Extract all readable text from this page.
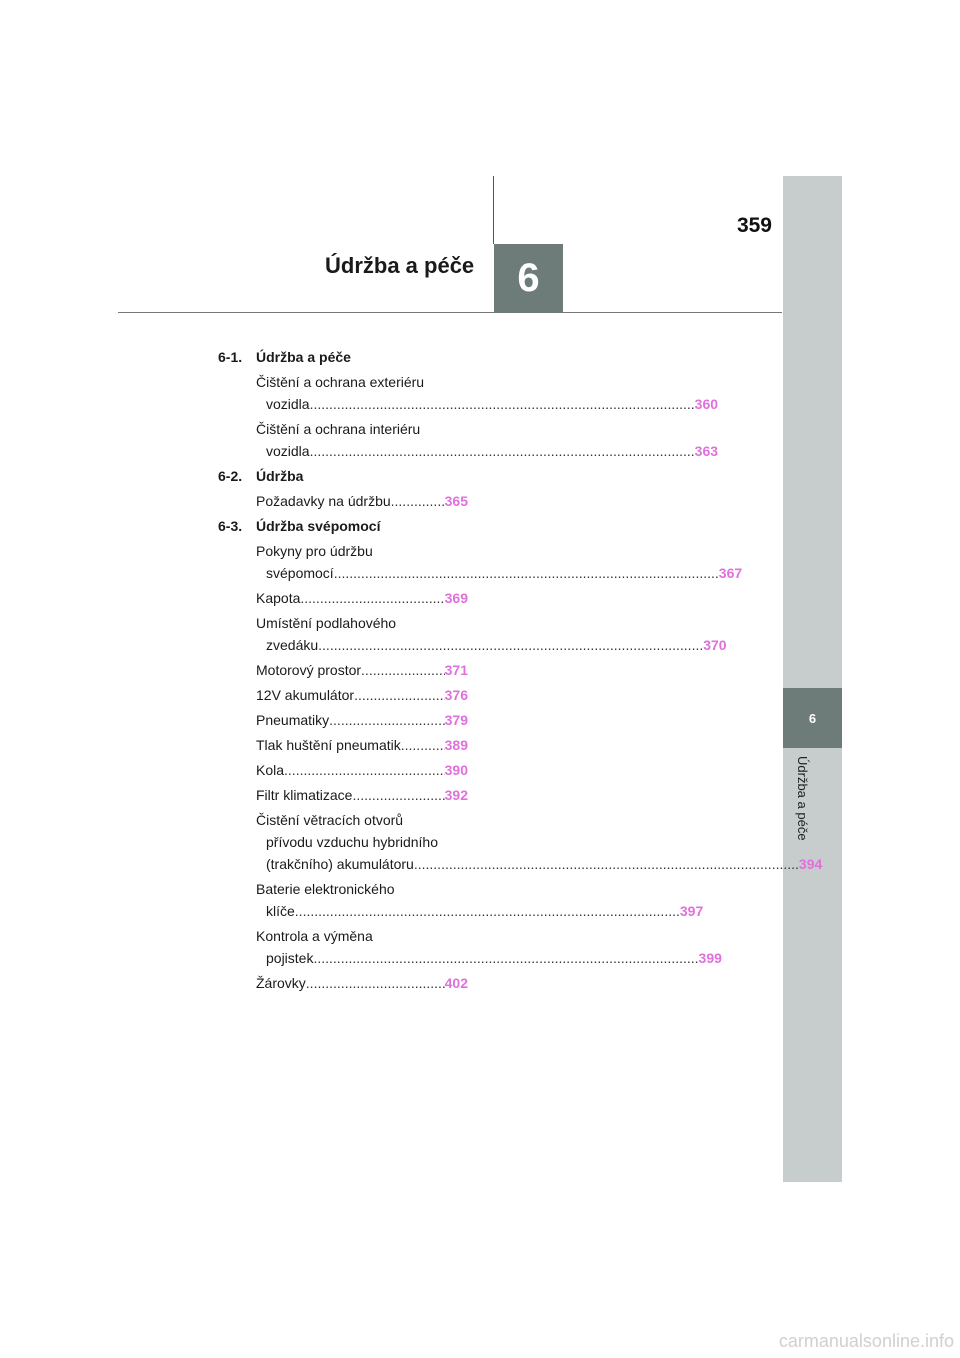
6
Údržba a péče
359
6
Údržba a péče
6-1. Údržba a péče
Čištění a ochrana exteriéru
vozidla .....	360
Čištění a ochrana interiéru
vozidla .....	363
6-2. Údržba
Požadavky na údržbu .....	365
6-3. Údržba svépomocí
Pokyny pro údržbu
svépomocí .....	367
Kapota .....	369
Umístění podlahového
zvedáku .....	370
Motorový prostor .....	371
12V akumulátor .....	376
Pneumatiky .....	379
Tlak huštění pneumatik .....	389
Kola .....	390
Filtr klimatizace .....	392
Čistění větracích otvorů
přívodu vzduchu hybridního
(trakčního) akumulátoru .....	394
Baterie elektronického
klíče .....	397
Kontrola a výměna
pojistek .....	399
Žárovky .....	402
carmanualsonline.info
